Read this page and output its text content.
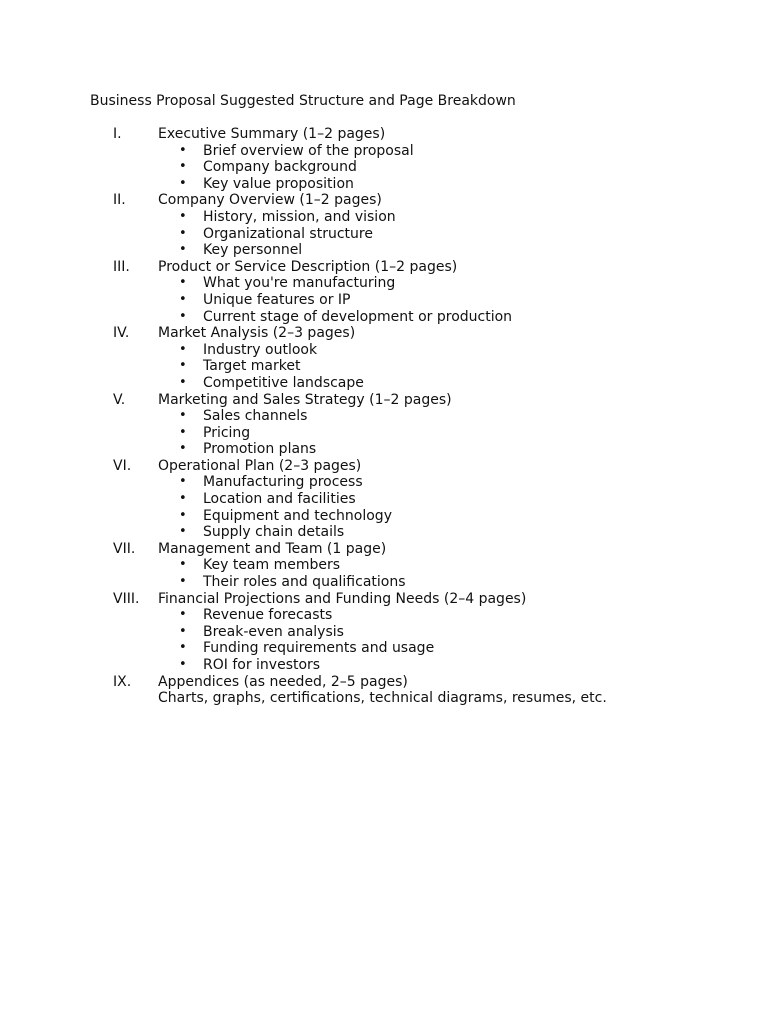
Business Proposal Suggested Structure and Page Breakdown
I.	Executive Summary (1–2 pages)
• Brief overview of the proposal
• Company background
• Key value proposition
II. Company Overview (1–2 pages)
• History, mission, and vision
• Organizational structure
• Key personnel
III. Product or Service Description (1–2 pages)
• What you're manufacturing
• Unique features or IP
• Current stage of development or production
IV. Market Analysis (2–3 pages)
• Industry outlook
• Target market
• Competitive landscape
V. Marketing and Sales Strategy (1–2 pages)
• Sales channels
• Pricing
• Promotion plans
VI. Operational Plan (2–3 pages)
• Manufacturing process
• Location and facilities
• Equipment and technology
• Supply chain details
VII. Management and Team (1 page)
• Key team members
• Their roles and qualifications
VIII. Financial Projections and Funding Needs (2–4 pages)
• Revenue forecasts
• Break-even analysis
• Funding requirements and usage
• ROI for investors
IX. Appendices (as needed, 2–5 pages)
Charts, graphs, certifications, technical diagrams, resumes, etc.
